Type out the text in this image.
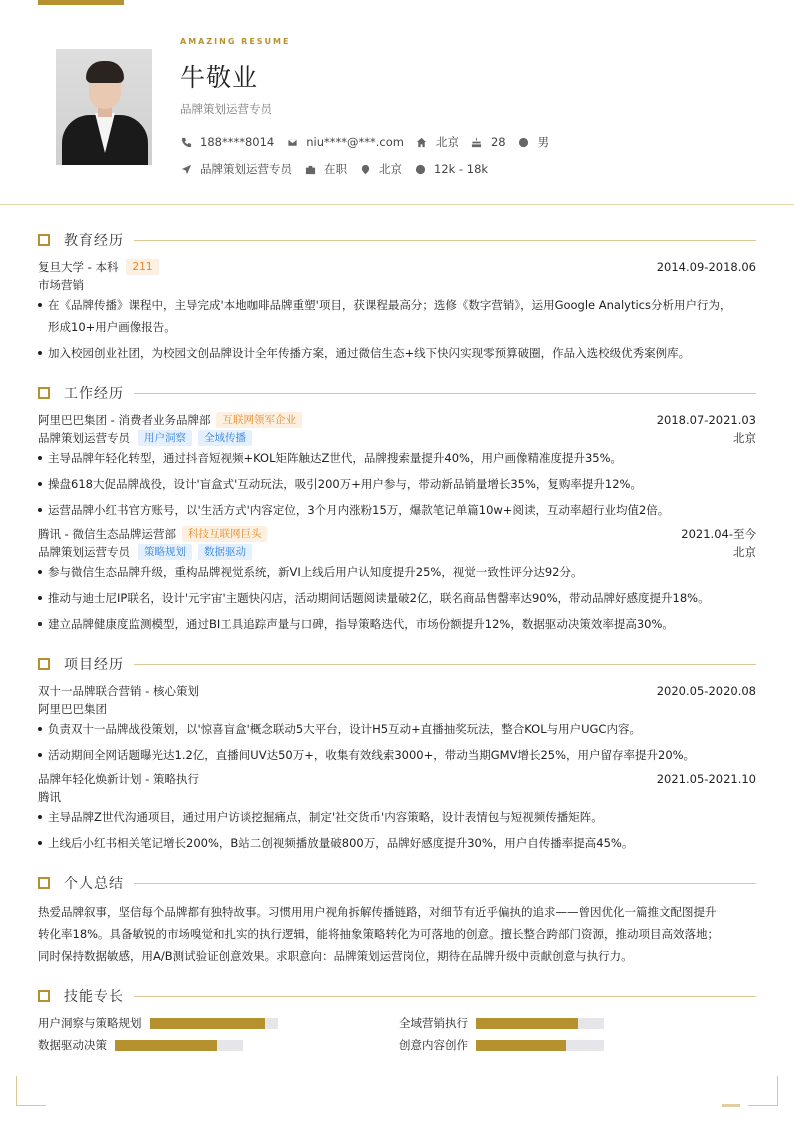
AMAZING RESUME
牛敬业
品牌策划运营专员
188****8014	niu****@***.com	北京	28	男
品牌策划运营专员	在职	北京	12k - 18k
教育经历
复旦大学 - 本科	211	2014.09-2018.06
市场营销
在《品牌传播》课程中，主导完成'本地咖啡品牌重塑'项目，获课程最高分；选修《数字营销》，运用Google Analytics分析用户行为，
形成10+用户画像报告。
加入校园创业社团，为校园文创品牌设计全年传播方案，通过微信生态+线下快闪实现零预算破圈，作品入选校级优秀案例库。
工作经历
阿里巴巴集团 - 消费者业务品牌部	互联网领军企业	2018.07-2021.03
品牌策划运营专员	用户洞察	全域传播	北京
主导品牌年轻化转型，通过抖音短视频+KOL矩阵触达Z世代，品牌搜索量提升40%，用户画像精准度提升35%。
操盘618大促品牌战役，设计'盲盒式'互动玩法，吸引200万+用户参与，带动新品销量增长35%，复购率提升12%。
运营品牌小红书官方账号，以'生活方式'内容定位，3个月内涨粉15万，爆款笔记单篇10w+阅读，互动率超行业均值2倍。
腾讯 - 微信生态品牌运营部	科技互联网巨头	2021.04-至今
品牌策划运营专员	策略规划	数据驱动	北京
参与微信生态品牌升级，重构品牌视觉系统，新VI上线后用户认知度提升25%，视觉一致性评分达92分。
推动与迪士尼IP联名，设计'元宇宙'主题快闪店，活动期间话题阅读量破2亿，联名商品售罄率达90%，带动品牌好感度提升18%。
建立品牌健康度监测模型，通过BI工具追踪声量与口碑，指导策略迭代，市场份额提升12%，数据驱动决策效率提高30%。
项目经历
双十一品牌联合营销 - 核心策划	2020.05-2020.08
阿里巴巴集团
负责双十一品牌战役策划，以'惊喜盲盒'概念联动5大平台，设计H5互动+直播抽奖玩法，整合KOL与用户UGC内容。
活动期间全网话题曝光达1.2亿，直播间UV达50万+，收集有效线索3000+，带动当期GMV增长25%，用户留存率提升20%。
品牌年轻化焕新计划 - 策略执行	2021.05-2021.10
腾讯
主导品牌Z世代沟通项目，通过用户访谈挖掘痛点，制定'社交货币'内容策略，设计表情包与短视频传播矩阵。
上线后小红书相关笔记增长200%，B站二创视频播放量破800万，品牌好感度提升30%，用户自传播率提高45%。
个人总结
热爱品牌叙事，坚信每个品牌都有独特故事。习惯用用户视角拆解传播链路，对细节有近乎偏执的追求——曾因优化一篇推文配图提升
转化率18%。具备敏锐的市场嗅觉和扎实的执行逻辑，能将抽象策略转化为可落地的创意。擅长整合跨部门资源，推动项目高效落地；
同时保持数据敏感，用A/B测试验证创意效果。求职意向：品牌策划运营岗位，期待在品牌升级中贡献创意与执行力。
技能专长
用户洞察与策略规划	全域营销执行
数据驱动决策	创意内容创作
